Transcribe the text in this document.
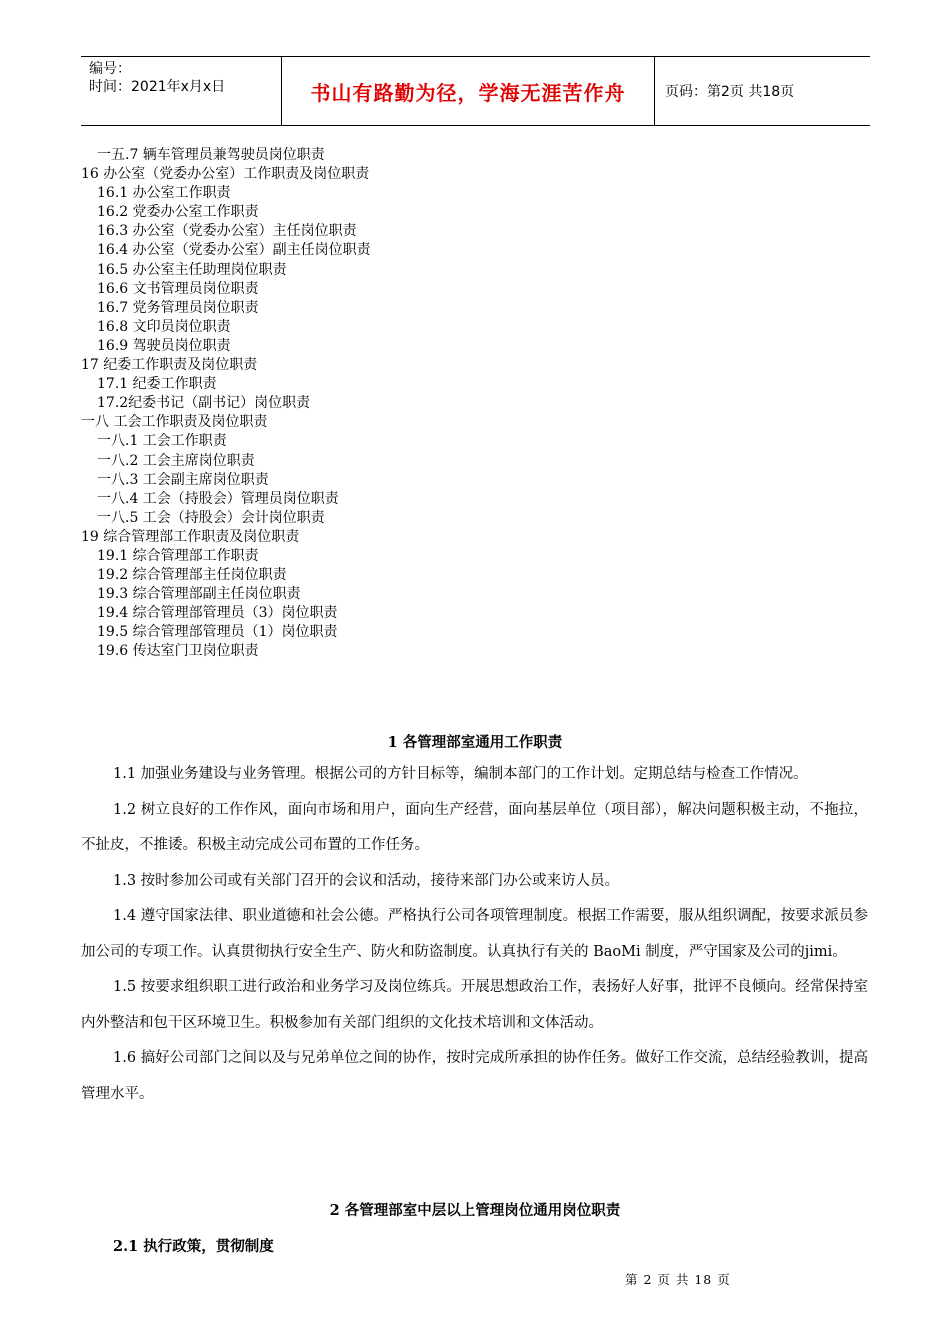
编号：
时间：2021年x月x日	书山有路勤为径，学海无涯苦作舟	页码：第2页 共18页
一五.7 辆车管理员兼驾驶员岗位职责
16 办公室（党委办公室）工作职责及岗位职责
16.1 办公室工作职责
16.2 党委办公室工作职责
16.3 办公室（党委办公室）主任岗位职责
16.4 办公室（党委办公室）副主任岗位职责
16.5 办公室主任助理岗位职责
16.6 文书管理员岗位职责
16.7 党务管理员岗位职责
16.8 文印员岗位职责
16.9 驾驶员岗位职责
17 纪委工作职责及岗位职责
17.1 纪委工作职责
17.2纪委书记（副书记）岗位职责
一八 工会工作职责及岗位职责
一八.1 工会工作职责
一八.2 工会主席岗位职责
一八.3 工会副主席岗位职责
一八.4 工会（持股会）管理员岗位职责
一八.5 工会（持股会）会计岗位职责
19 综合管理部工作职责及岗位职责
19.1 综合管理部工作职责
19.2 综合管理部主任岗位职责
19.3 综合管理部副主任岗位职责
19.4 综合管理部管理员（3）岗位职责
19.5 综合管理部管理员（1）岗位职责
19.6 传达室门卫岗位职责
1 各管理部室通用工作职责

1.1 加强业务建设与业务管理。根据公司的方针目标等，编制本部门的工作计划。定期总结与检查工作情况。

1.2 树立良好的工作作风，面向市场和用户，面向生产经营，面向基层单位（项目部），解决问题积极主动，不拖拉，不扯皮，不推诿。积极主动完成公司布置的工作任务。

1.3 按时参加公司或有关部门召开的会议和活动，接待来部门办公或来访人员。

1.4 遵守国家法律、职业道德和社会公德。严格执行公司各项管理制度。根据工作需要，服从组织调配，按要求派员参加公司的专项工作。认真贯彻执行安全生产、防火和防盗制度。认真执行有关的 BaoMi 制度，严守国家及公司的jimi。

1.5 按要求组织职工进行政治和业务学习及岗位练兵。开展思想政治工作，表扬好人好事，批评不良倾向。经常保持室内外整洁和包干区环境卫生。积极参加有关部门组织的文化技术培训和文体活动。

1.6 搞好公司部门之间以及与兄弟单位之间的协作，按时完成所承担的协作任务。做好工作交流，总结经验教训，提高管理水平。

2 各管理部室中层以上管理岗位通用岗位职责
2.1 执行政策，贯彻制度
第 2 页 共 18 页
